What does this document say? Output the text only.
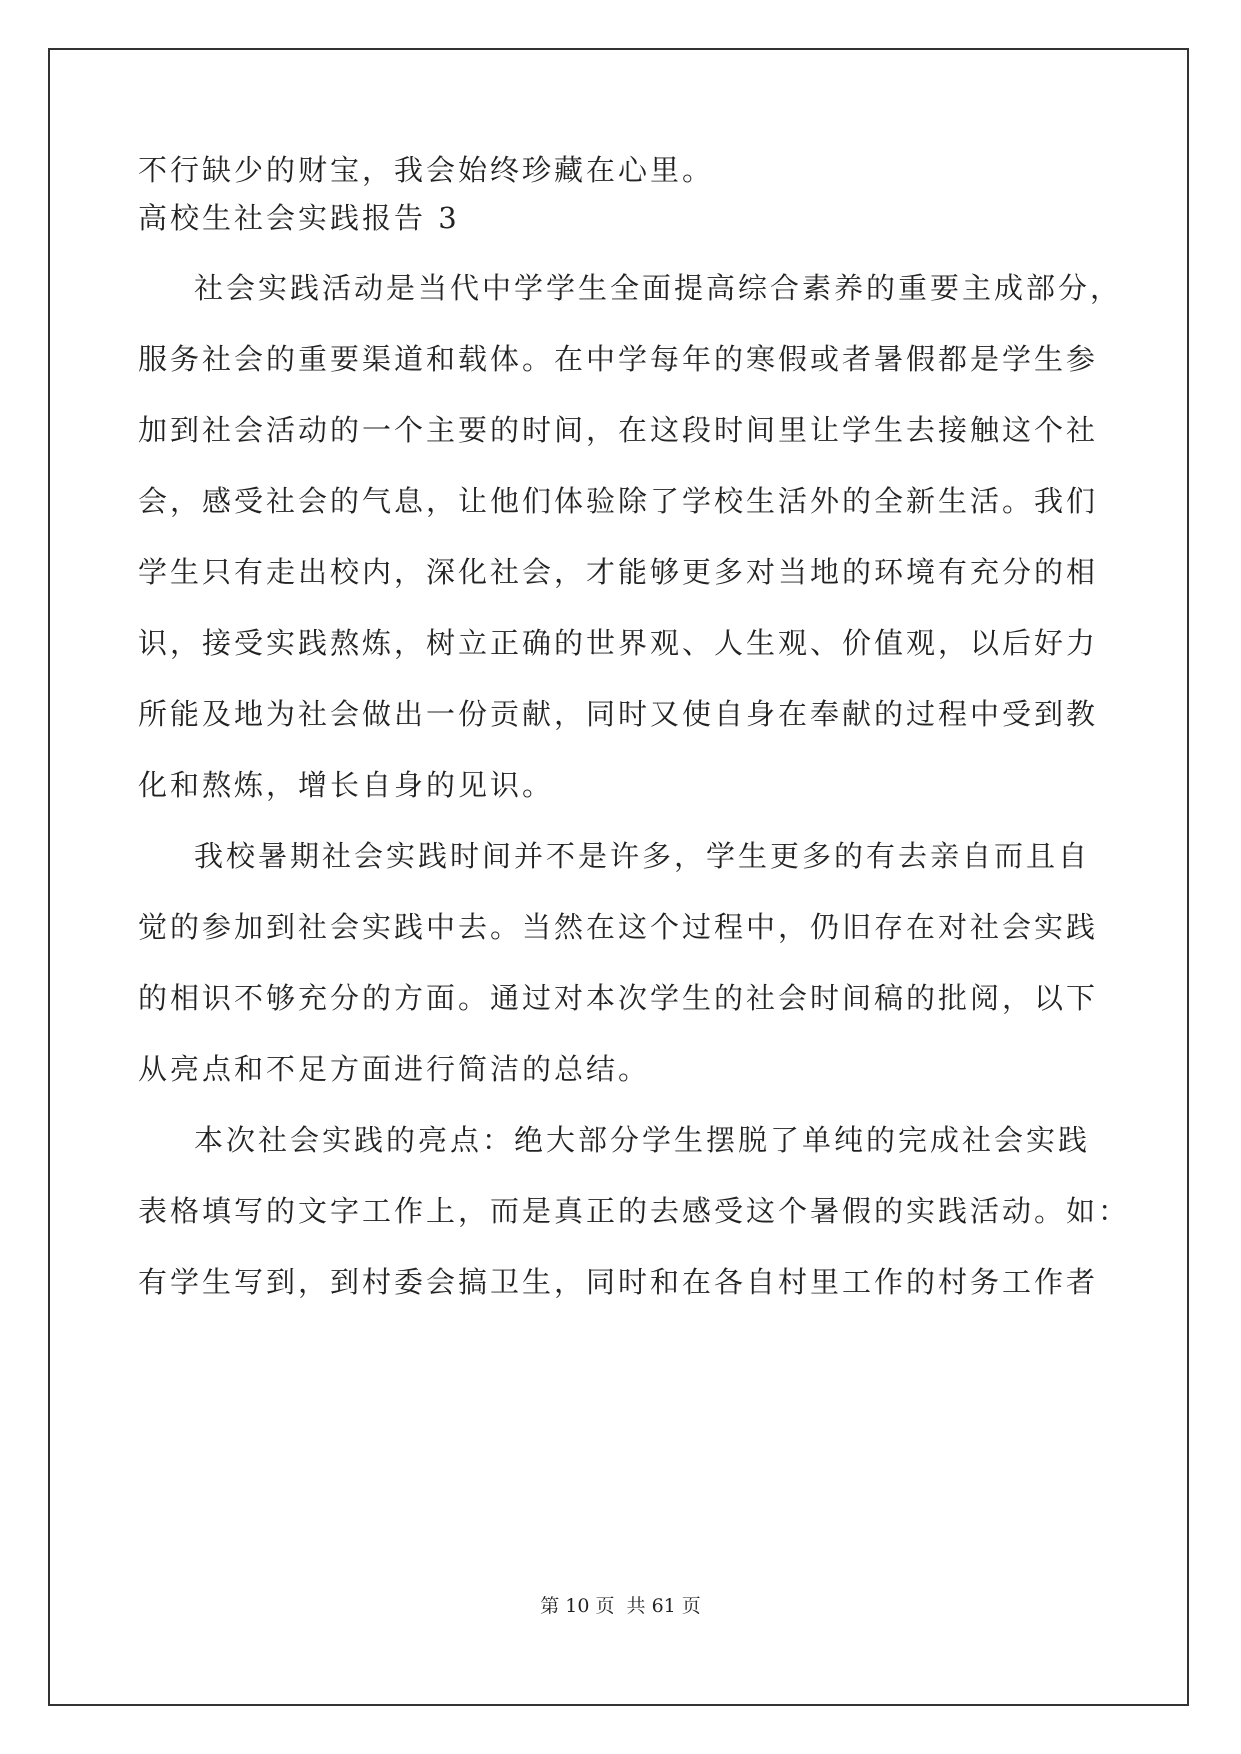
不行缺少的财宝，我会始终珍藏在心里。
高校生社会实践报告 3
社会实践活动是当代中学学生全面提高综合素养的重要主成部分，
服务社会的重要渠道和载体。在中学每年的寒假或者暑假都是学生参
加到社会活动的一个主要的时间，在这段时间里让学生去接触这个社
会，感受社会的气息，让他们体验除了学校生活外的全新生活。我们
学生只有走出校内，深化社会，才能够更多对当地的环境有充分的相
识，接受实践熬炼，树立正确的世界观、人生观、价值观，以后好力
所能及地为社会做出一份贡献，同时又使自身在奉献的过程中受到教
化和熬炼，增长自身的见识。
我校暑期社会实践时间并不是许多，学生更多的有去亲自而且自
觉的参加到社会实践中去。当然在这个过程中，仍旧存在对社会实践
的相识不够充分的方面。通过对本次学生的社会时间稿的批阅，以下
从亮点和不足方面进行简洁的总结。
本次社会实践的亮点：绝大部分学生摆脱了单纯的完成社会实践
表格填写的文字工作上，而是真正的去感受这个暑假的实践活动。如：
有学生写到，到村委会搞卫生，同时和在各自村里工作的村务工作者
第 10 页  共 61 页
